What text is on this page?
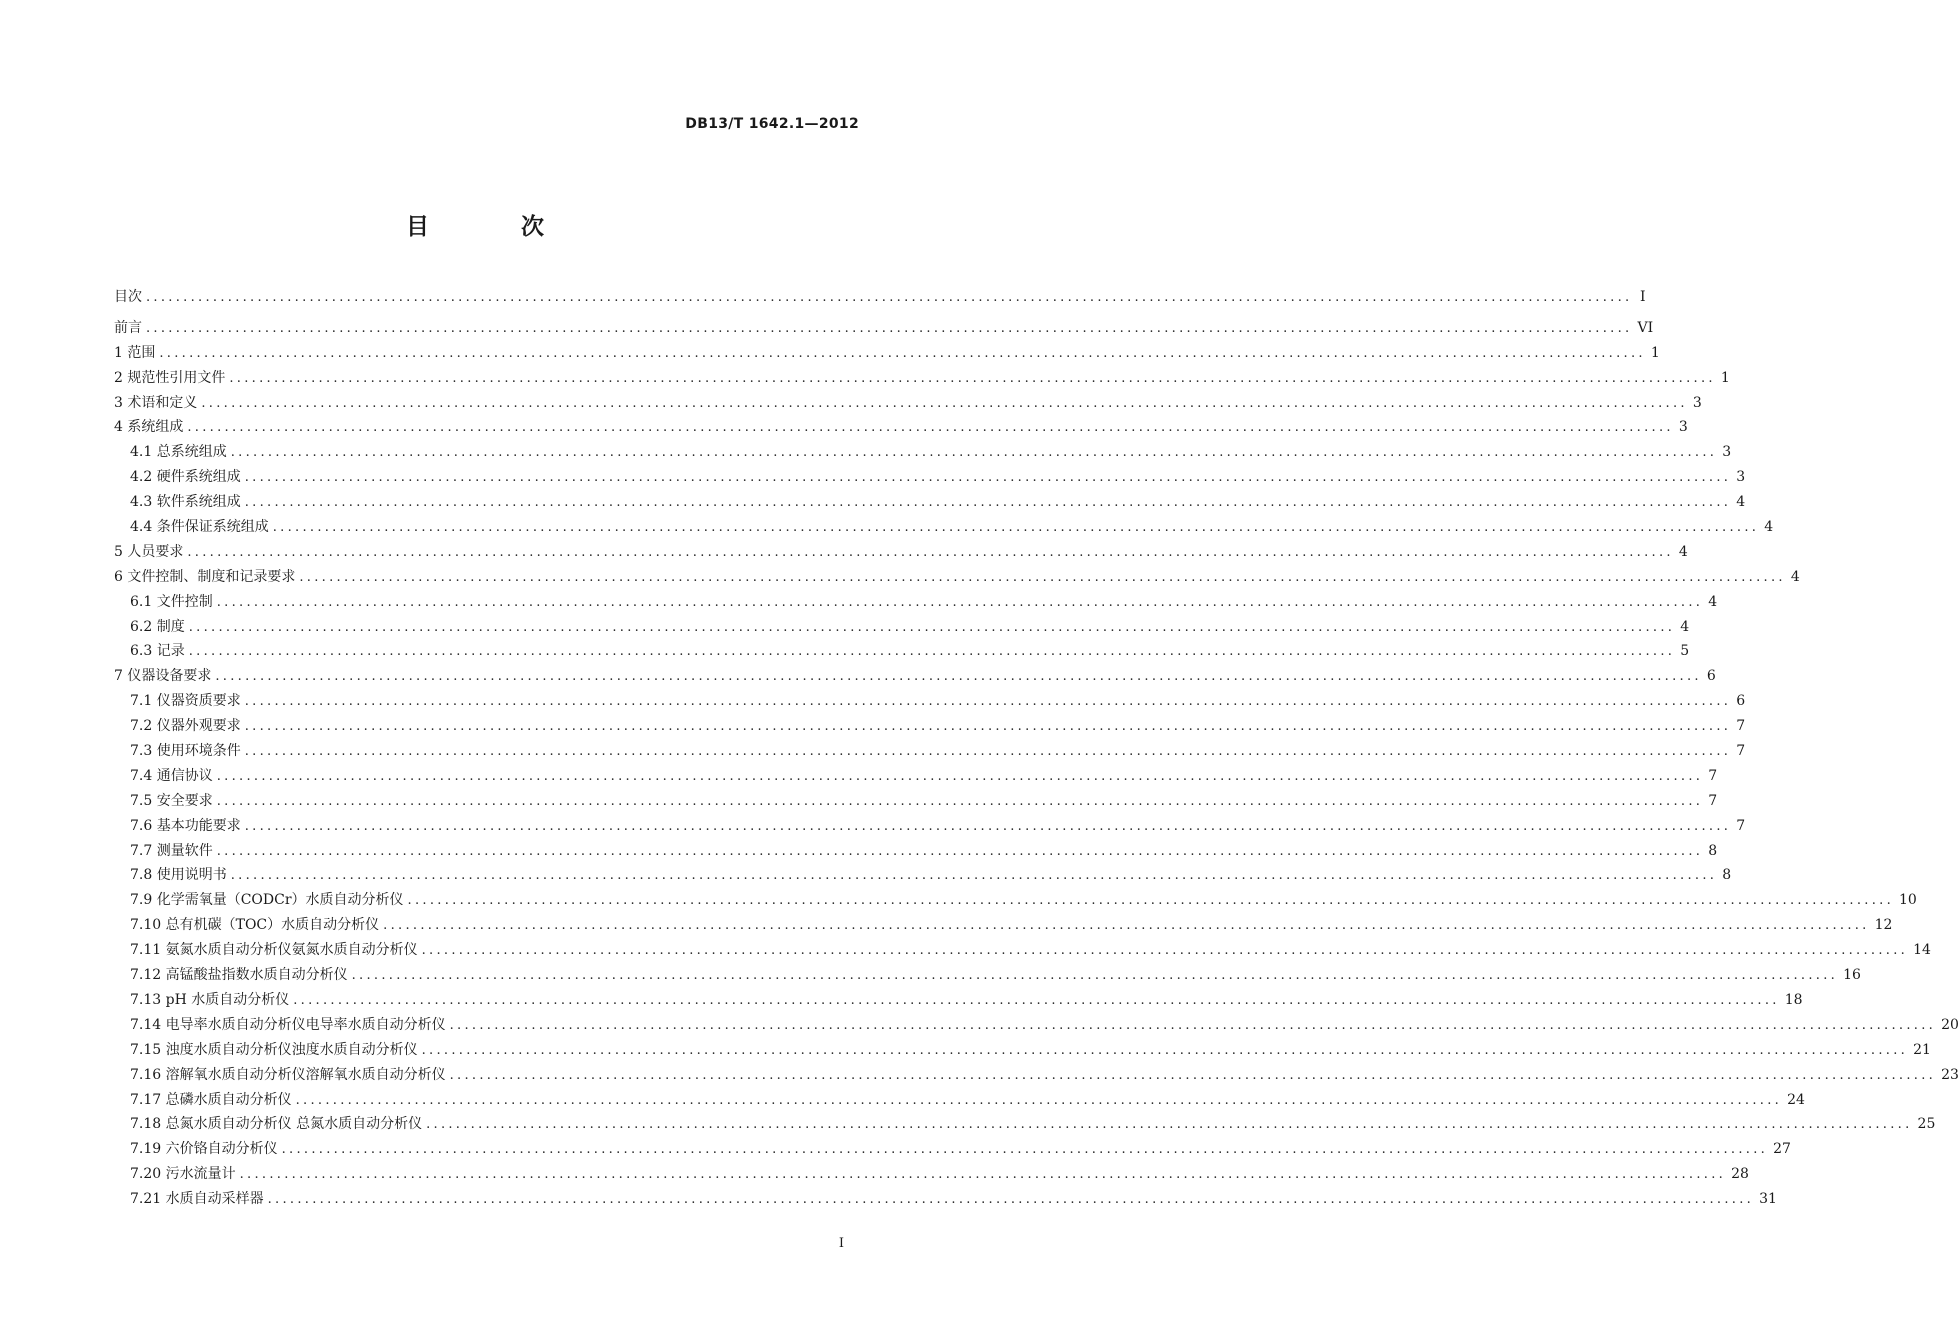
DB13/T 1642.1—2012
目 次
目次 ........................................................................................................................................................................................................ I
前言 ........................................................................................................................................................................................................ VI
1 范围 ........................................................................................................................................................................................................ 1
2 规范性引用文件 ........................................................................................................................................................................................................ 1
3 术语和定义 ........................................................................................................................................................................................................ 3
4 系统组成 ........................................................................................................................................................................................................ 3
4.1 总系统组成 ........................................................................................................................................................................................................ 3
4.2 硬件系统组成 ........................................................................................................................................................................................................ 3
4.3 软件系统组成 ........................................................................................................................................................................................................ 4
4.4 条件保证系统组成 ........................................................................................................................................................................................................ 4
5 人员要求 ........................................................................................................................................................................................................ 4
6 文件控制、制度和记录要求 ........................................................................................................................................................................................................ 4
6.1 文件控制 ........................................................................................................................................................................................................ 4
6.2 制度 ........................................................................................................................................................................................................ 4
6.3 记录 ........................................................................................................................................................................................................ 5
7 仪器设备要求 ........................................................................................................................................................................................................ 6
7.1 仪器资质要求 ........................................................................................................................................................................................................ 6
7.2 仪器外观要求 ........................................................................................................................................................................................................ 7
7.3 使用环境条件 ........................................................................................................................................................................................................ 7
7.4 通信协议 ........................................................................................................................................................................................................ 7
7.5 安全要求 ........................................................................................................................................................................................................ 7
7.6 基本功能要求 ........................................................................................................................................................................................................ 7
7.7 测量软件 ........................................................................................................................................................................................................ 8
7.8 使用说明书 ........................................................................................................................................................................................................ 8
7.9 化学需氧量（CODCr）水质自动分析仪 ........................................................................................................................................................................................................ 10
7.10 总有机碳（TOC）水质自动分析仪 ........................................................................................................................................................................................................ 12
7.11 氨氮水质自动分析仪氨氮水质自动分析仪 ........................................................................................................................................................................................................ 14
7.12 高锰酸盐指数水质自动分析仪 ........................................................................................................................................................................................................ 16
7.13 pH 水质自动分析仪 ........................................................................................................................................................................................................ 18
7.14 电导率水质自动分析仪电导率水质自动分析仪 ........................................................................................................................................................................................................ 20
7.15 浊度水质自动分析仪浊度水质自动分析仪 ........................................................................................................................................................................................................ 21
7.16 溶解氧水质自动分析仪溶解氧水质自动分析仪 ........................................................................................................................................................................................................ 23
7.17 总磷水质自动分析仪 ........................................................................................................................................................................................................ 24
7.18 总氮水质自动分析仪 总氮水质自动分析仪 ........................................................................................................................................................................................................ 25
7.19 六价铬自动分析仪 ........................................................................................................................................................................................................ 27
7.20 污水流量计 ........................................................................................................................................................................................................ 28
7.21 水质自动采样器 ........................................................................................................................................................................................................ 31
I
